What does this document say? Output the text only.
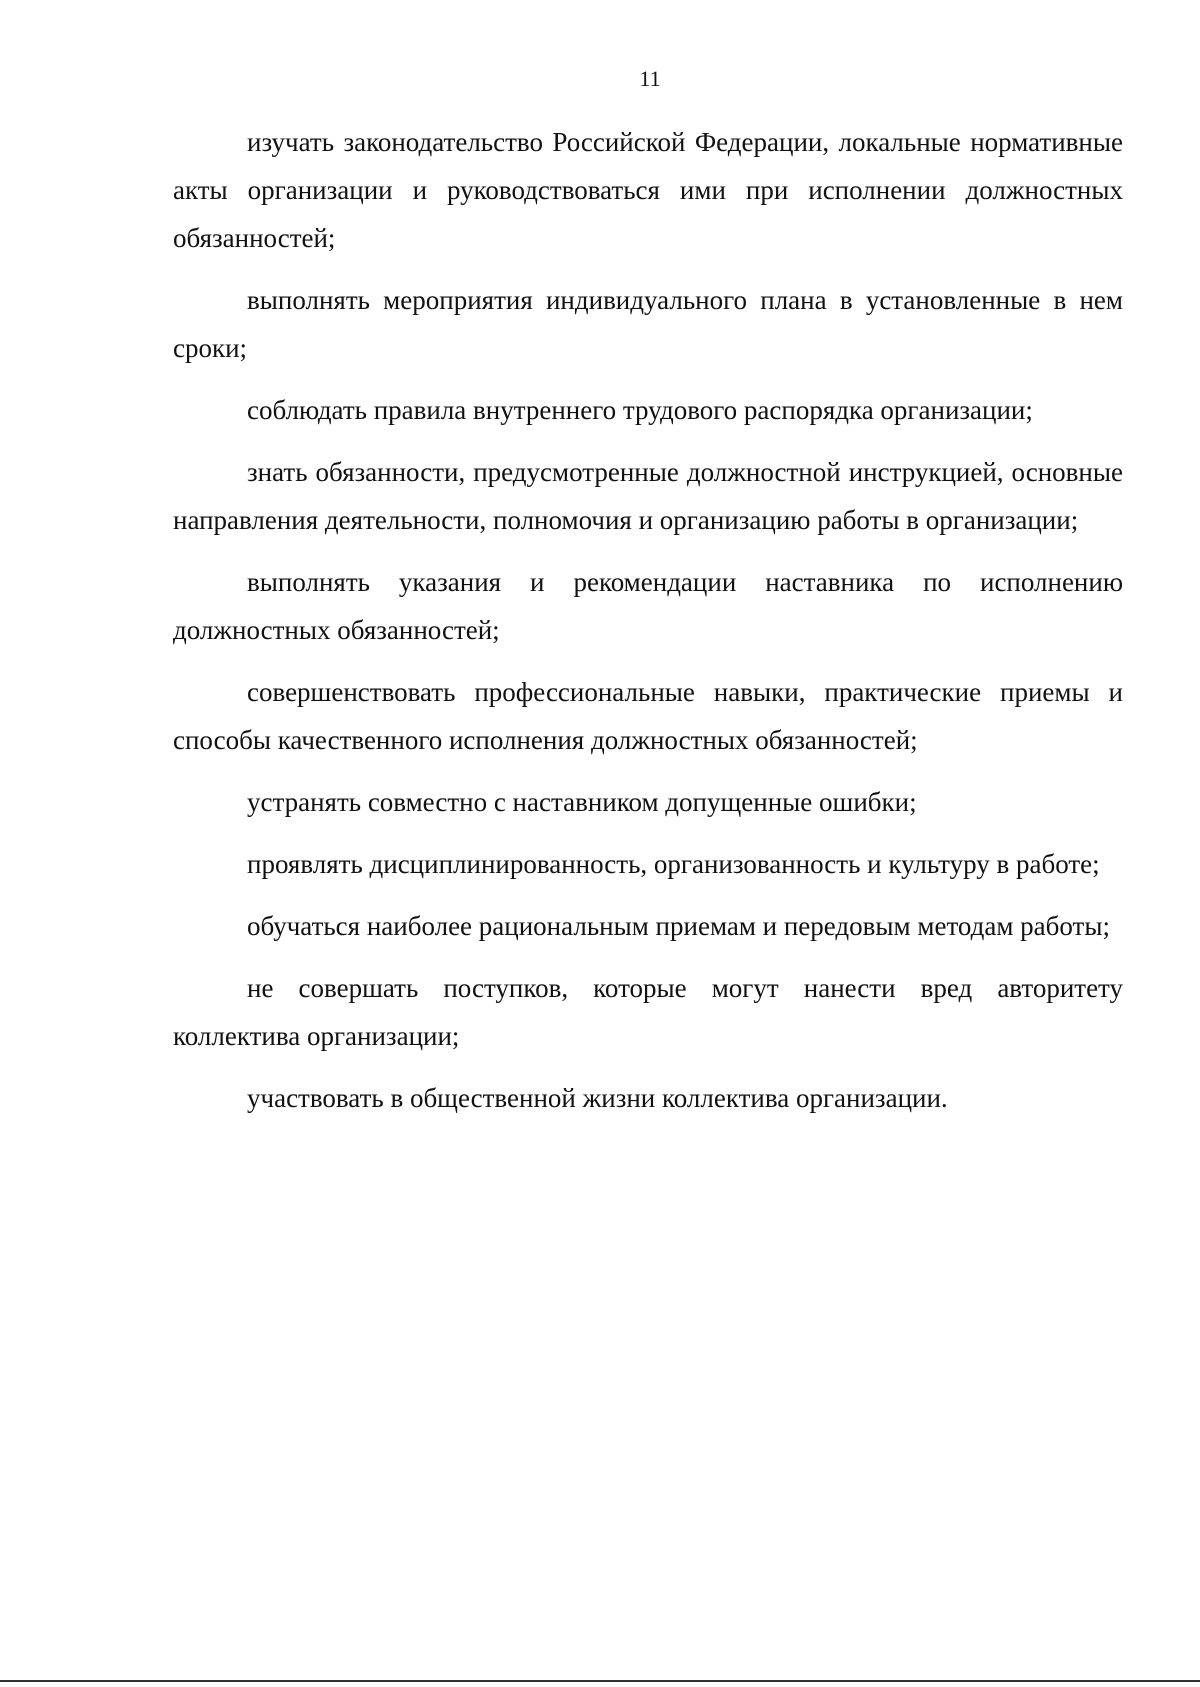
11

изучать законодательство Российской Федерации, локальные нормативные акты организации и руководствоваться ими при исполнении должностных обязанностей;

выполнять мероприятия индивидуального плана в установленные в нем сроки;

соблюдать правила внутреннего трудового распорядка организации;

знать обязанности, предусмотренные должностной инструкцией, основные направления деятельности, полномочия и организацию работы в организации;

выполнять указания и рекомендации наставника по исполнению должностных обязанностей;

совершенствовать профессиональные навыки, практические приемы и способы качественного исполнения должностных обязанностей;

устранять совместно с наставником допущенные ошибки;

проявлять дисциплинированность, организованность и культуру в работе;

обучаться наиболее рациональным приемам и передовым методам работы;

не совершать поступков, которые могут нанести вред авторитету коллектива организации;

участвовать в общественной жизни коллектива организации.
